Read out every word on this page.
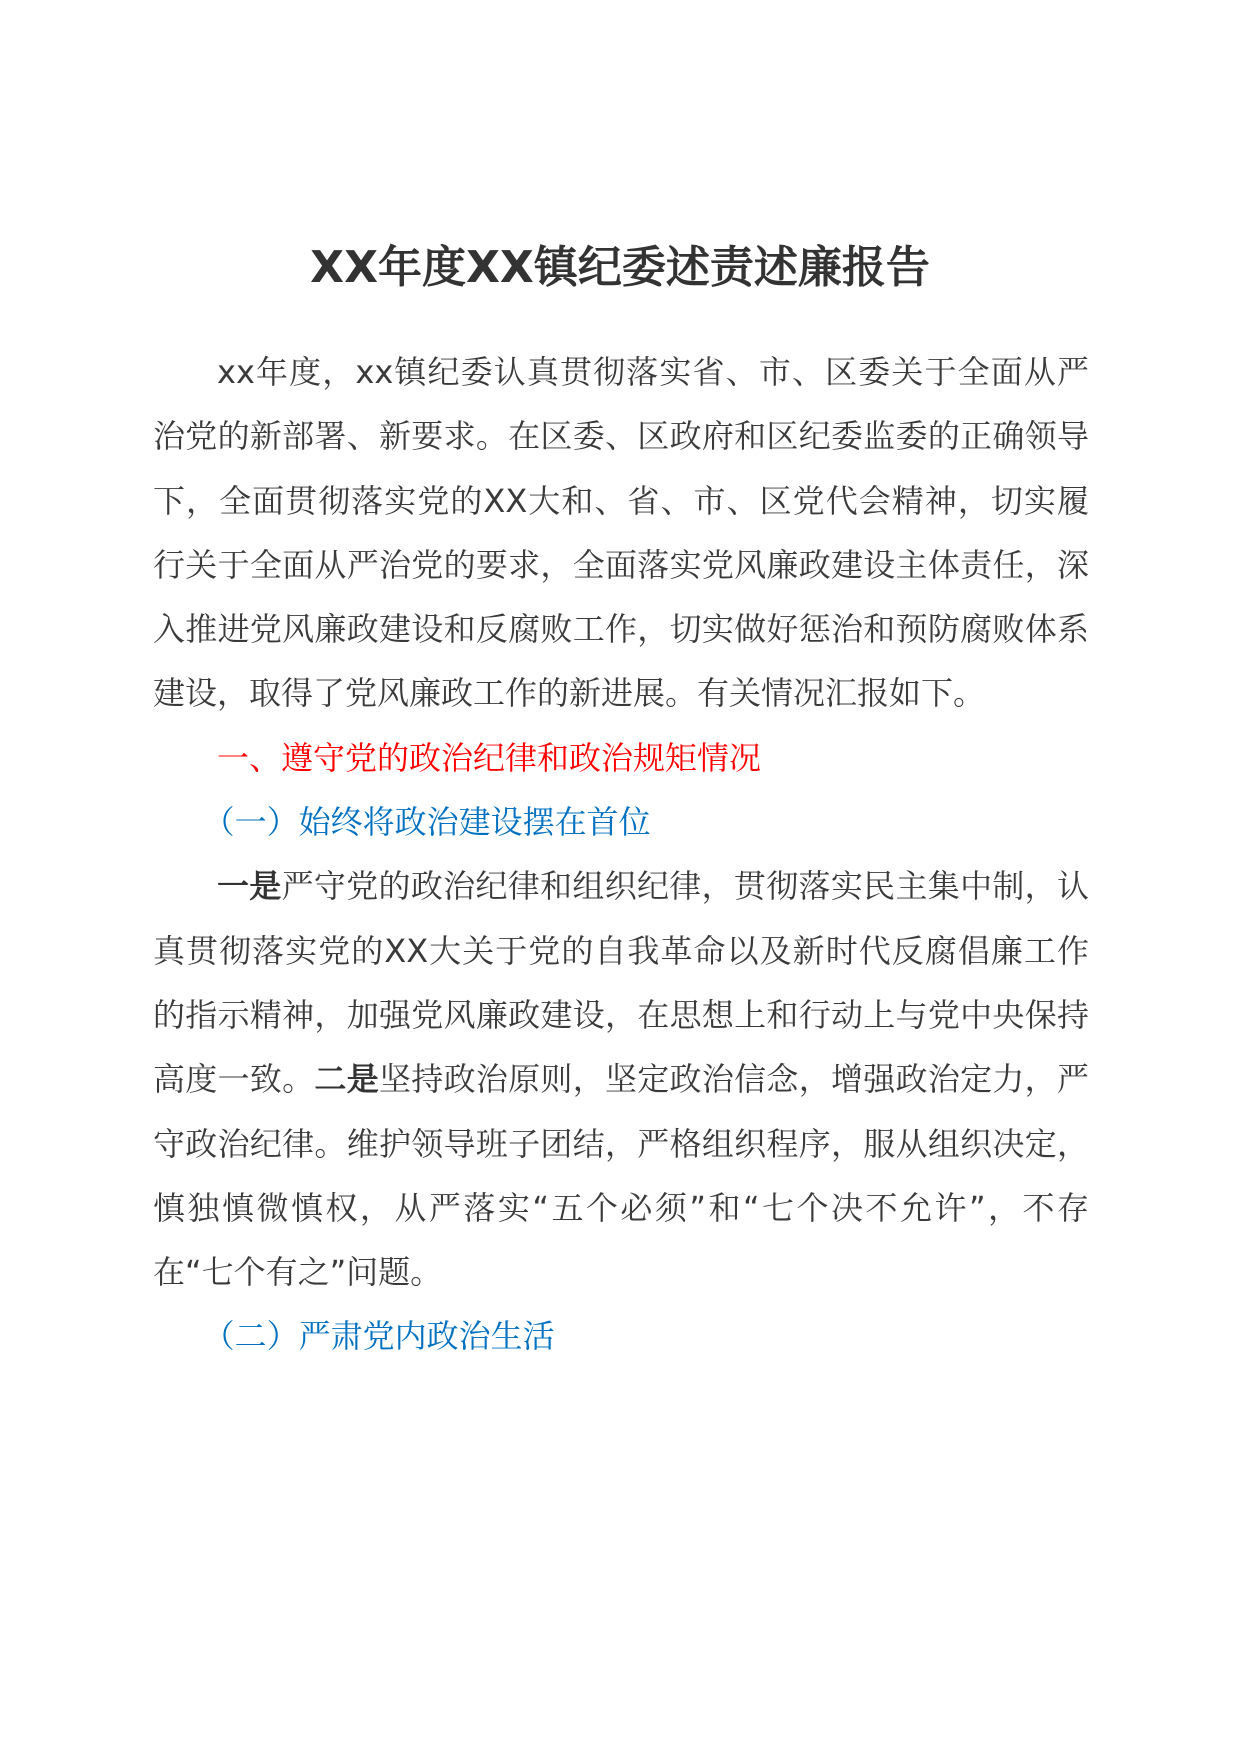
XX年度XX镇纪委述责述廉报告

xx年度，xx镇纪委认真贯彻落实省、市、区委关于全面从严治党的新部署、新要求。在区委、区政府和区纪委监委的正确领导下，全面贯彻落实党的XX大和、省、市、区党代会精神，切实履行关于全面从严治党的要求，全面落实党风廉政建设主体责任，深入推进党风廉政建设和反腐败工作，切实做好惩治和预防腐败体系建设，取得了党风廉政工作的新进展。有关情况汇报如下。

一、遵守党的政治纪律和政治规矩情况

（一）始终将政治建设摆在首位

一是严守党的政治纪律和组织纪律，贯彻落实民主集中制，认真贯彻落实党的XX大关于党的自我革命以及新时代反腐倡廉工作的指示精神，加强党风廉政建设，在思想上和行动上与党中央保持高度一致。二是坚持政治原则，坚定政治信念，增强政治定力，严守政治纪律。维护领导班子团结，严格组织程序，服从组织决定，慎独慎微慎权，从严落实“五个必须”和“七个决不允许”，不存在“七个有之”问题。

（二）严肃党内政治生活
